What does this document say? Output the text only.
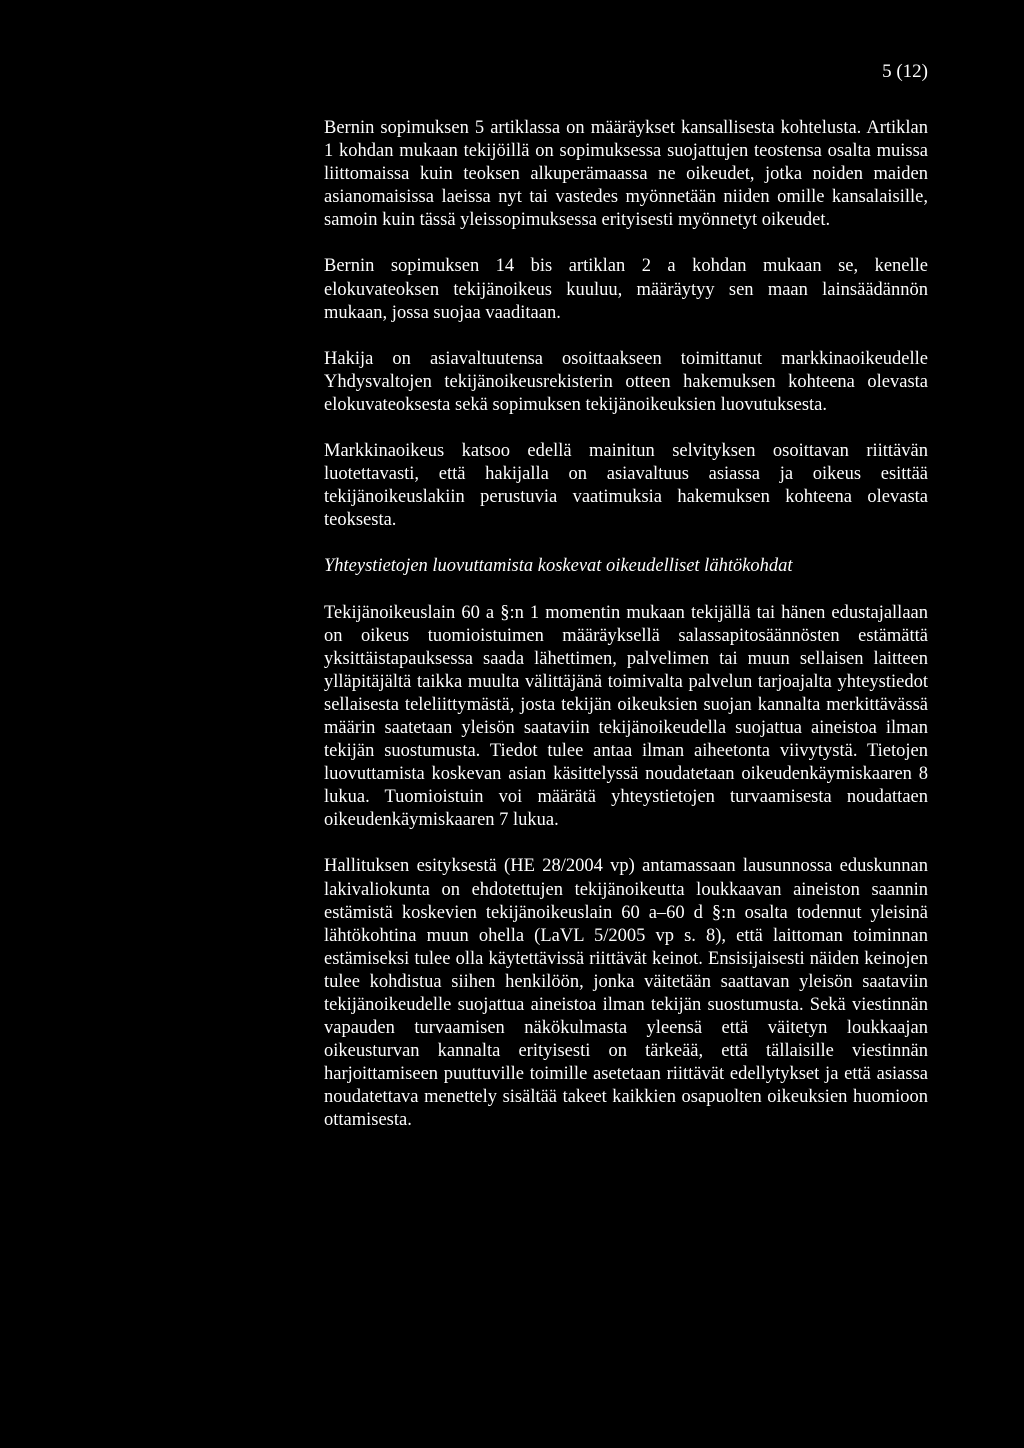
5 (12)

Bernin sopimuksen 5 artiklassa on määräykset kansallisesta kohtelusta. Artiklan 1 kohdan mukaan tekijöillä on sopimuksessa suojattujen teostensa osalta muissa liittomaissa kuin teoksen alkuperämaassa ne oikeudet, jotka noiden maiden asianomaisissa laeissa nyt tai vastedes myönnetään niiden omille kansalaisille, samoin kuin tässä yleissopimuksessa erityisesti myönnetyt oikeudet.

Bernin sopimuksen 14 bis artiklan 2 a kohdan mukaan se, kenelle elokuvateoksen tekijänoikeus kuuluu, määräytyy sen maan lainsäädännön mukaan, jossa suojaa vaaditaan.

Hakija on asiavaltuutensa osoittaakseen toimittanut markkinaoikeudelle Yhdysvaltojen tekijänoikeusrekisterin otteen hakemuksen kohteena olevasta elokuvateoksesta sekä sopimuksen tekijänoikeuksien luovutuksesta.

Markkinaoikeus katsoo edellä mainitun selvityksen osoittavan riittävän luotettavasti, että hakijalla on asiavaltuus asiassa ja oikeus esittää tekijänoikeuslakiin perustuvia vaatimuksia hakemuksen kohteena olevasta teoksesta.

Yhteystietojen luovuttamista koskevat oikeudelliset lähtökohdat

Tekijänoikeuslain 60 a §:n 1 momentin mukaan tekijällä tai hänen edustajallaan on oikeus tuomioistuimen määräyksellä salassapitosäännösten estämättä yksittäistapauksessa saada lähettimen, palvelimen tai muun sellaisen laitteen ylläpitäjältä taikka muulta välittäjänä toimivalta palvelun tarjoajalta yhteystiedot sellaisesta teleliittymästä, josta tekijän oikeuksien suojan kannalta merkittävässä määrin saatetaan yleisön saataviin tekijänoikeudella suojattua aineistoa ilman tekijän suostumusta. Tiedot tulee antaa ilman aiheetonta viivytystä. Tietojen luovuttamista koskevan asian käsittelyssä noudatetaan oikeudenkäymiskaaren 8 lukua. Tuomioistuin voi määrätä yhteystietojen turvaamisesta noudattaen oikeudenkäymiskaaren 7 lukua.

Hallituksen esityksestä (HE 28/2004 vp) antamassaan lausunnossa eduskunnan lakivaliokunta on ehdotettujen tekijänoikeutta loukkaavan aineiston saannin estämistä koskevien tekijänoikeuslain 60 a–60 d §:n osalta todennut yleisinä lähtökohtina muun ohella (LaVL 5/2005 vp s. 8), että laittoman toiminnan estämiseksi tulee olla käytettävissä riittävät keinot. Ensisijaisesti näiden keinojen tulee kohdistua siihen henkilöön, jonka väitetään saattavan yleisön saataviin tekijänoikeudelle suojattua aineistoa ilman tekijän suostumusta. Sekä viestinnän vapauden turvaamisen näkökulmasta yleensä että väitetyn loukkaajan oikeusturvan kannalta erityisesti on tärkeää, että tällaisille viestinnän harjoittamiseen puuttuville toimille asetetaan riittävät edellytykset ja että asiassa noudatettava menettely sisältää takeet kaikkien osapuolten oikeuksien huomioon ottamisesta.
